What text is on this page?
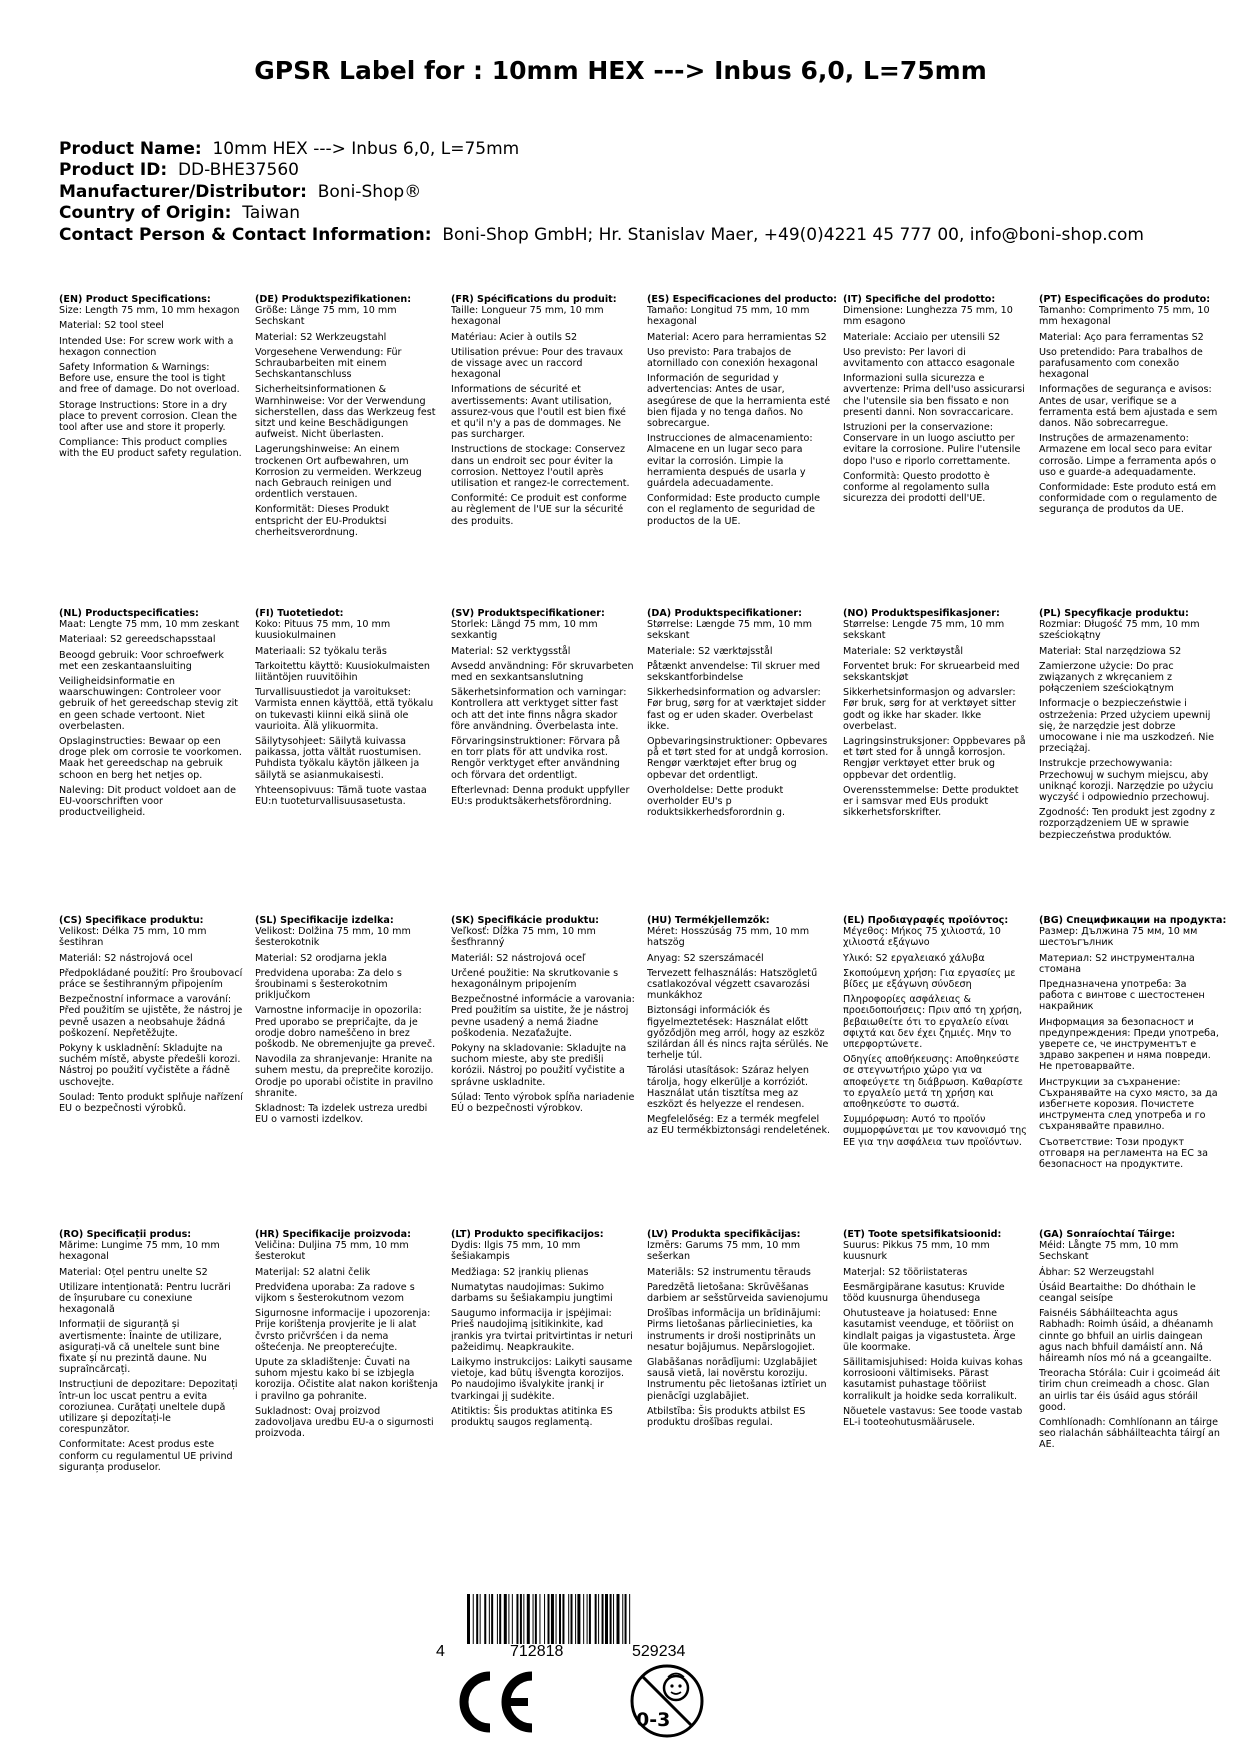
GPSR Label for : 10mm HEX ---> Inbus 6,0, L=75mm
Product Name: 10mm HEX ---> Inbus 6,0, L=75mm
Product ID: DD-BHE37560
Manufacturer/Distributor: Boni-Shop®
Country of Origin: Taiwan
Contact Person & Contact Information: Boni-Shop GmbH; Hr. Stanislav Maer, +49(0)4221 45 777 00, info@boni-shop.com
(EN) Product Specifications:
Size: Length 75 mm, 10 mm hexagon
Material: S2 tool steel
Intended Use: For screw work with a hexagon connection
Safety Information & Warnings: Before use, ensure the tool is tight and free of damage. Do not overload.
Storage Instructions: Store in a dry place to prevent corrosion. Clean the tool after use and store it properly.
Compliance: This product complies with the EU product safety regulation.
(DE) Produktspezifikationen:
Größe: Länge 75 mm, 10 mm Sechskant
Material: S2 Werkzeugstahl
Vorgesehene Verwendung: Für Schraubarbeiten mit einem Sechskantanschluss
Sicherheitsinformationen & Warnhinweise: Vor der Verwendung sicherstellen, dass das Werkzeug fest sitzt und keine Beschädigungen aufweist. Nicht überlasten.
Lagerungshinweise: An einem trockenen Ort aufbewahren, um Korrosion zu vermeiden. Werkzeug nach Gebrauch reinigen und ordentlich verstauen.
Konformität: Dieses Produkt entspricht der EU-Produktsi cherheitsverordnung.
(FR) Spécifications du produit:
Taille: Longueur 75 mm, 10 mm hexagonal
Matériau: Acier à outils S2
Utilisation prévue: Pour des travaux de vissage avec un raccord hexagonal
Informations de sécurité et avertissements: Avant utilisation, assurez-vous que l'outil est bien fixé et qu'il n'y a pas de dommages. Ne pas surcharger.
Instructions de stockage: Conservez dans un endroit sec pour éviter la corrosion. Nettoyez l'outil après utilisation et rangez-le correctement.
Conformité: Ce produit est conforme au règlement de l'UE sur la sécurité des produits.
(ES) Especificaciones del producto:
Tamaño: Longitud 75 mm, 10 mm hexagonal
Material: Acero para herramientas S2
Uso previsto: Para trabajos de atornillado con conexión hexagonal
Información de seguridad y advertencias: Antes de usar, asegúrese de que la herramienta esté bien fijada y no tenga daños. No sobrecargue.
Instrucciones de almacenamiento: Almacene en un lugar seco para evitar la corrosión. Limpie la herramienta después de usarla y guárdela adecuadamente.
Conformidad: Este producto cumple con el reglamento de seguridad de productos de la UE.
(IT) Specifiche del prodotto:
Dimensione: Lunghezza 75 mm, 10 mm esagono
Materiale: Acciaio per utensili S2
Uso previsto: Per lavori di avvitamento con attacco esagonale
Informazioni sulla sicurezza e avvertenze: Prima dell'uso assicurarsi che l'utensile sia ben fissato e non presenti danni. Non sovraccaricare.
Istruzioni per la conservazione: Conservare in un luogo asciutto per evitare la corrosione. Pulire l'utensile dopo l'uso e riporlo correttamente.
Conformità: Questo prodotto è conforme al regolamento sulla sicurezza dei prodotti dell'UE.
(PT) Especificações do produto:
Tamanho: Comprimento 75 mm, 10 mm hexagonal
Material: Aço para ferramentas S2
Uso pretendido: Para trabalhos de parafusamento com conexão hexagonal
Informações de segurança e avisos: Antes de usar, verifique se a ferramenta está bem ajustada e sem danos. Não sobrecarregue.
Instruções de armazenamento: Armazene em local seco para evitar corrosão. Limpe a ferramenta após o uso e guarde-a adequadamente.
Conformidade: Este produto está em conformidade com o regulamento de segurança de produtos da UE.
(NL) Productspecificaties:
Maat: Lengte 75 mm, 10 mm zeskant
Materiaal: S2 gereedschapsstaal
Beoogd gebruik: Voor schroefwerk met een zeskantaansluiting
Veiligheidsinformatie en waarschuwingen: Controleer voor gebruik of het gereedschap stevig zit en geen schade vertoont. Niet overbelasten.
Opslaginstructies: Bewaar op een droge plek om corrosie te voorkomen. Maak het gereedschap na gebruik schoon en berg het netjes op.
Naleving: Dit product voldoet aan de EU-voorschriften voor productveiligheid.
(FI) Tuotetiedot:
Koko: Pituus 75 mm, 10 mm kuusiokulmainen
Materiaali: S2 työkalu teräs
Tarkoitettu käyttö: Kuusiokulmaisten liitäntöjen ruuvitöihin
Turvallisuustiedot ja varoitukset: Varmista ennen käyttöä, että työkalu on tukevasti kiinni eikä siinä ole vaurioita. Älä ylikuormita.
Säilytysohjeet: Säilytä kuivassa paikassa, jotta vältät ruostumisen. Puhdista työkalu käytön jälkeen ja säilytä se asianmukaisesti.
Yhteensopivuus: Tämä tuote vastaa EU:n tuoteturvallisuusasetusta.
(SV) Produktspecifikationer:
Storlek: Längd 75 mm, 10 mm sexkantig
Material: S2 verktygsstål
Avsedd användning: För skruvarbeten med en sexkantsanslutning
Säkerhetsinformation och varningar: Kontrollera att verktyget sitter fast och att det inte finns några skador före användning. Överbelasta inte.
Förvaringsinstruktioner: Förvara på en torr plats för att undvika rost. Rengör verktyget efter användning och förvara det ordentligt.
Efterlevnad: Denna produkt uppfyller EU:s produktsäkerhetsförordning.
(DA) Produktspecifikationer:
Størrelse: Længde 75 mm, 10 mm sekskant
Materiale: S2 værktøjsstål
Påtænkt anvendelse: Til skruer med sekskantforbindelse
Sikkerhedsinformation og advarsler: Før brug, sørg for at værktøjet sidder fast og er uden skader. Overbelast ikke.
Opbevaringsinstruktioner: Opbevares på et tørt sted for at undgå korrosion. Rengør værktøjet efter brug og opbevar det ordentligt.
Overholdelse: Dette produkt overholder EU's p roduktsikkerhedsforordnin g.
(NO) Produktspesifikasjoner:
Størrelse: Lengde 75 mm, 10 mm sekskant
Materiale: S2 verktøystål
Forventet bruk: For skruearbeid med sekskantskjøt
Sikkerhetsinformasjon og advarsler: Før bruk, sørg for at verktøyet sitter godt og ikke har skader. Ikke overbelast.
Lagringsinstruksjoner: Oppbevares på et tørt sted for å unngå korrosjon. Rengjør verktøyet etter bruk og oppbevar det ordentlig.
Overensstemmelse: Dette produktet er i samsvar med EUs produkt sikkerhetsforskrifter.
(PL) Specyfikacje produktu:
Rozmiar: Długość 75 mm, 10 mm sześciokątny
Materiał: Stal narzędziowa S2
Zamierzone użycie: Do prac związanych z wkręcaniem z połączeniem sześciokątnym
Informacje o bezpieczeństwie i ostrzeżenia: Przed użyciem upewnij się, że narzędzie jest dobrze umocowane i nie ma uszkodzeń. Nie przeciążaj.
Instrukcje przechowywania: Przechowuj w suchym miejscu, aby uniknąć korozji. Narzędzie po użyciu wyczyść i odpowiednio przechowuj.
Zgodność: Ten produkt jest zgodny z rozporządzeniem UE w sprawie bezpieczeństwa produktów.
(CS) Specifikace produktu:
Velikost: Délka 75 mm, 10 mm šestihran
Materiál: S2 nástrojová ocel
Předpokládané použití: Pro šroubovací práce se šestihranným připojením
Bezpečnostní informace a varování: Před použitím se ujistěte, že nástroj je pevně usazen a neobsahuje žádná poškození. Nepřetěžujte.
Pokyny k uskladnění: Skladujte na suchém místě, abyste předešli korozi. Nástroj po použití vyčistěte a řádně uschovejte.
Soulad: Tento produkt splňuje nařízení EU o bezpečnosti výrobků.
(SL) Specifikacije izdelka:
Velikost: Dolžina 75 mm, 10 mm šesterokotnik
Material: S2 orodjarna jekla
Predvidena uporaba: Za delo s šroubinami s šesterokotnim priključkom
Varnostne informacije in opozorila: Pred uporabo se prepričajte, da je orodje dobro nameščeno in brez poškodb. Ne obremenjujte ga preveč.
Navodila za shranjevanje: Hranite na suhem mestu, da preprečite korozijo. Orodje po uporabi očistite in pravilno shranite.
Skladnost: Ta izdelek ustreza uredbi EU o varnosti izdelkov.
(SK) Špecifikácie produktu:
Veľkosť: Dĺžka 75 mm, 10 mm šesťhranný
Materiál: S2 nástrojová oceľ
Určené použitie: Na skrutkovanie s hexagonálnym pripojením
Bezpečnostné informácie a varovania: Pred použitím sa uistite, že je nástroj pevne usadený a nemá žiadne poškodenia. Nezaťažujte.
Pokyny na skladovanie: Skladujte na suchom mieste, aby ste predišli korózii. Nástroj po použití vyčistite a správne uskladnite.
Súlad: Tento výrobok spĺňa nariadenie EÚ o bezpečnosti výrobkov.
(HU) Termékjellemzők:
Méret: Hosszúság 75 mm, 10 mm hatszög
Anyag: S2 szerszámacél
Tervezett felhasználás: Hatszögletű csatlakozóval végzett csavarozási munkákhoz
Biztonsági információk és figyelmeztetések: Használat előtt győződjön meg arról, hogy az eszköz szilárdan áll és nincs rajta sérülés. Ne terhelje túl.
Tárolási utasítások: Száraz helyen tárolja, hogy elkerülje a korróziót. Használat után tisztítsa meg az eszközt és helyezze el rendesen.
Megfelelőség: Ez a termék megfelel az EU termékbiztonsági rendeletének.
(EL) Προδιαγραφές προϊόντος:
Μέγεθος: Μήκος 75 χιλιοστά, 10 χιλιοστά εξάγωνο
Υλικό: S2 εργαλειακό χάλυβα
Σκοπούμενη χρήση: Για εργασίες με βίδες με εξάγωνη σύνδεση
Πληροφορίες ασφάλειας & προειδοποιήσεις: Πριν από τη χρήση, βεβαιωθείτε ότι το εργαλείο είναι σφιχτά και δεν έχει ζημιές. Μην το υπερφορτώνετε.
Οδηγίες αποθήκευσης: Αποθηκεύστε σε στεγνωτήριο χώρο για να αποφεύγετε τη διάβρωση. Καθαρίστε το εργαλείο μετά τη χρήση και αποθηκεύστε το σωστά.
Συμμόρφωση: Αυτό το προϊόν συμμορφώνεται με τον κανονισμό της ΕΕ για την ασφάλεια των προϊόντων.
(BG) Спецификации на продукта:
Размер: Дължина 75 мм, 10 мм шестоъгълник
Материал: S2 инструментална стомана
Предназначена употреба: За работа с винтове с шестостенен накрайник
Информация за безопасност и предупреждения: Преди употреба, уверете се, че инструментът е здраво закрепен и няма повреди. Не претоварвайте.
Инструкции за съхранение: Съхранявайте на сухо място, за да избегнете корозия. Почистете инструмента след употреба и го съхранявайте правилно.
Съответствие: Този продукт отговаря на регламента на ЕС за безопасност на продуктите.
(RO) Specificații produs:
Mărime: Lungime 75 mm, 10 mm hexagonal
Material: Oțel pentru unelte S2
Utilizare intenționată: Pentru lucrări de înșurubare cu conexiune hexagonală
Informații de siguranță și avertismente: Înainte de utilizare, asigurați-vă că uneltele sunt bine fixate și nu prezintă daune. Nu supraîncărcați.
Instrucțiuni de depozitare: Depozitați într-un loc uscat pentru a evita coroziunea. Curățați uneltele după utilizare și depozitați-le corespunzător.
Conformitate: Acest produs este conform cu regulamentul UE privind siguranța produselor.
(HR) Specifikacije proizvoda:
Veličina: Duljina 75 mm, 10 mm šesterokut
Materijal: S2 alatni čelik
Predviđena uporaba: Za radove s vijkom s šesterokutnom vezom
Sigurnosne informacije i upozorenja: Prije korištenja provjerite je li alat čvrsto pričvršćen i da nema oštećenja. Ne preopterećujte.
Upute za skladištenje: Čuvati na suhom mjestu kako bi se izbjegla korozija. Očistite alat nakon korištenja i pravilno ga pohranite.
Sukladnost: Ovaj proizvod zadovoljava uredbu EU-a o sigurnosti proizvoda.
(LT) Produkto specifikacijos:
Dydis: Ilgis 75 mm, 10 mm šešiakampis
Medžiaga: S2 įrankių plienas
Numatytas naudojimas: Sukimo darbams su šešiakampiu jungtimi
Saugumo informacija ir įspėjimai: Prieš naudojimą įsitikinkite, kad įrankis yra tvirtai pritvirtintas ir neturi pažeidimų. Neapkraukite.
Laikymo instrukcijos: Laikyti sausame vietoje, kad būtų išvengta korozijos. Po naudojimo išvalykite įrankį ir tvarkingai jį sudėkite.
Atitiktis: Šis produktas atitinka ES produktų saugos reglamentą.
(LV) Produkta specifikācijas:
Izmērs: Garums 75 mm, 10 mm sešerkan
Materiāls: S2 instrumentu tērauds
Paredzētā lietošana: Skrūvēšanas darbiem ar sešstūrveida savienojumu
Drošības informācija un brīdinājumi: Pirms lietošanas pārliecinieties, ka instruments ir droši nostiprināts un nesatur bojājumus. Nepārslogojiet.
Glabāšanas norādījumi: Uzglabājiet sausā vietā, lai novērstu koroziju. Instrumentu pēc lietošanas iztīriet un pienācīgi uzglabājiet.
Atbilstība: Šis produkts atbilst ES produktu drošības regulai.
(ET) Toote spetsifikatsioonid:
Suurus: Pikkus 75 mm, 10 mm kuusnurk
Materjal: S2 tööriistateras
Eesmärgipärane kasutus: Kruvide tööd kuusnurga ühendusega
Ohutusteave ja hoiatused: Enne kasutamist veenduge, et tööriist on kindlalt paigas ja vigastusteta. Ärge üle koormake.
Säilitamisjuhised: Hoida kuivas kohas korrosiooni vältimiseks. Pärast kasutamist puhastage tööriist korralikult ja hoidke seda korralikult.
Nõuetele vastavus: See toode vastab EL-i tooteohutusmäärusele.
(GA) Sonraíochtaí Táirge:
Méid: Långte 75 mm, 10 mm Sechskant
Ábhar: S2 Werzeugstahl
Úsáid Beartaithe: Do dhóthain le ceangal seisípe
Faisnéis Sábháilteachta agus Rabhadh: Roimh úsáid, a dhéanamh cinnte go bhfuil an uirlis daingean agus nach bhfuil damáistí ann. Ná háireamh níos mó ná a gceangailte.
Treoracha Stórála: Cuir i gcoimeád áit tirim chun creimeadh a chosc. Glan an uirlis tar éis úsáid agus stóráil good.
Comhlíonadh: Comhlíonann an táirge seo rialachán sábháilteachta táirgí an AE.
4	712818	529234
0-3
